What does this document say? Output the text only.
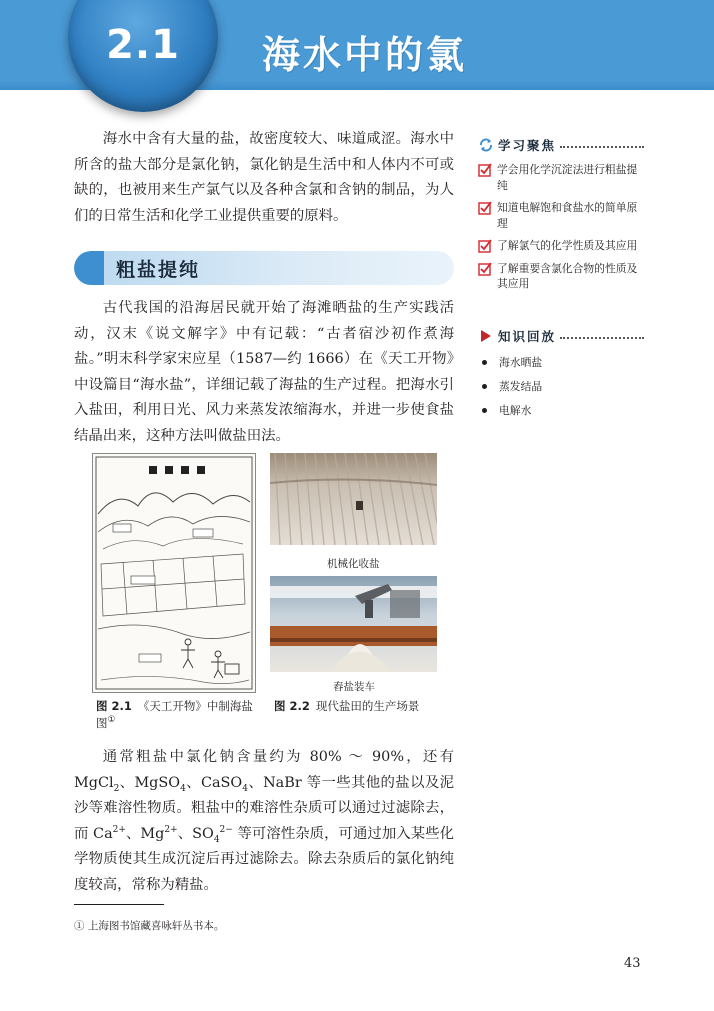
2.1	海水中的氯

海水中含有大量的盐，故密度较大、味道咸涩。海水中所含的盐大部分是氯化钠，氯化钠是生活中和人体内不可或缺的，也被用来生产氯气以及各种含氯和含钠的制品，为人们的日常生活和化学工业提供重要的原料。

粗盐提纯

古代我国的沿海居民就开始了海滩晒盐的生产实践活动，汉末《说文解字》中有记载：“古者宿沙初作煮海盐。”明末科学家宋应星（1587—约 1666）在《天工开物》中设篇目“海水盐”，详细记载了海盐的生产过程。把海水引入盐田，利用日光、风力来蒸发浓缩海水，并进一步使食盐结晶出来，这种方法叫做盐田法。

机械化收盐
舂盐装车
图 2.1 《天工开物》中制海盐图①
图 2.2 现代盐田的生产场景

通常粗盐中氯化钠含量约为 80% ～ 90%，还有 MgCl$_2$、MgSO$_4$、CaSO$_4$、NaBr 等一些其他的盐以及泥沙等难溶性物质。粗盐中的难溶性杂质可以通过过滤除去，而 $Ca^{2+}$、$Mg^{2+}$、$SO_4^{2-}$ 等可溶性杂质，可通过加入某些化学物质使其生成沉淀后再过滤除去。除去杂质后的氯化钠纯度较高，常称为精盐。

学习聚焦
学会用化学沉淀法进行粗盐提纯
知道电解饱和食盐水的简单原理
了解氯气的化学性质及其应用
了解重要含氯化合物的性质及其应用
知识回放
海水晒盐
蒸发结晶
电解水
① 上海图书馆藏喜咏轩丛书本。
43
